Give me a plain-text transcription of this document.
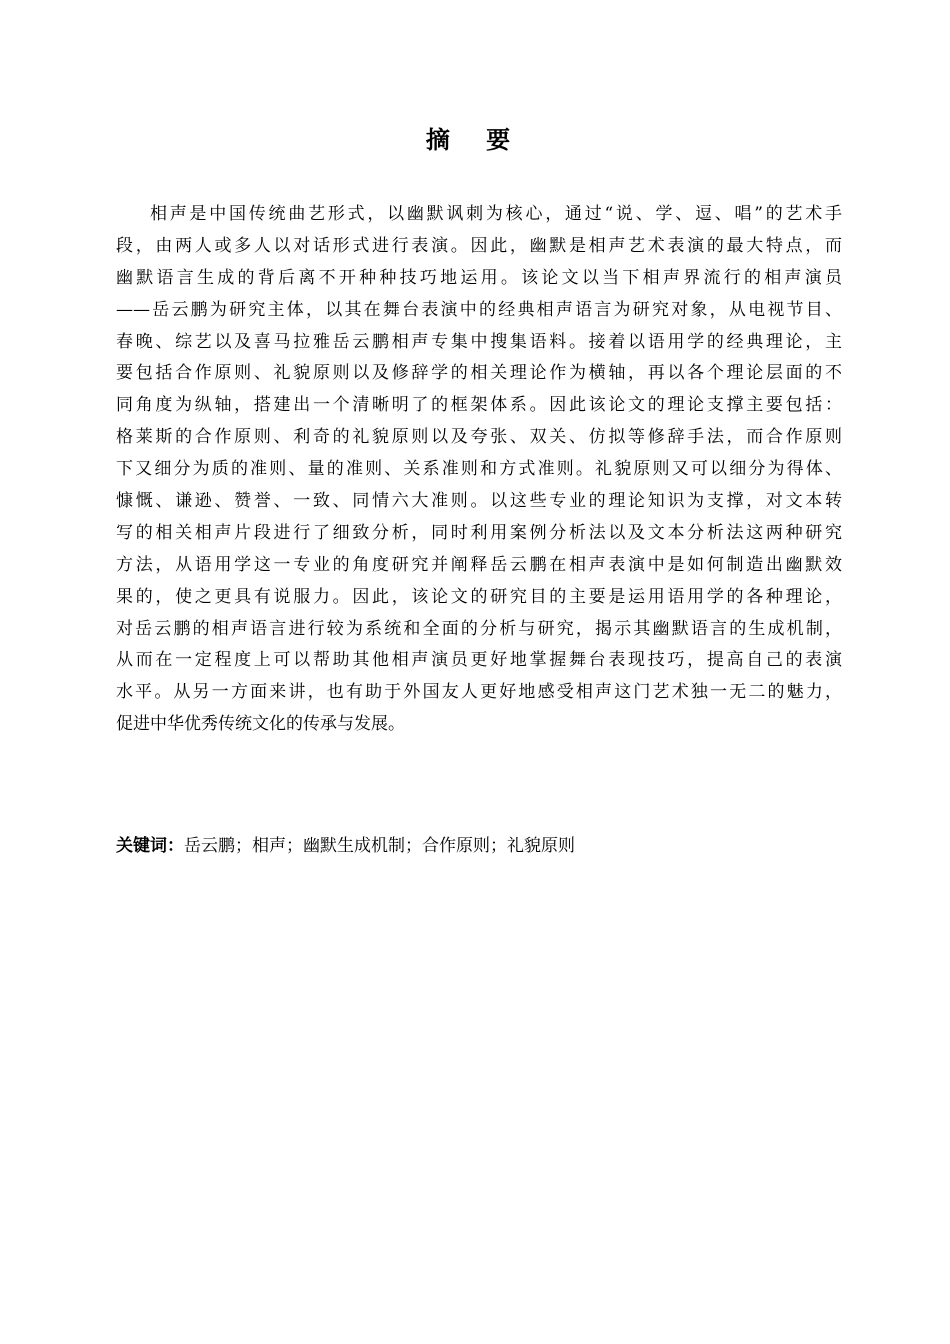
摘 要
相声是中国传统曲艺形式，以幽默讽刺为核心，通过“说、学、逗、唱”的艺术手
段，由两人或多人以对话形式进行表演。因此，幽默是相声艺术表演的最大特点，而
幽默语言生成的背后离不开种种技巧地运用。该论文以当下相声界流行的相声演员
——岳云鹏为研究主体，以其在舞台表演中的经典相声语言为研究对象，从电视节目、
春晚、综艺以及喜马拉雅岳云鹏相声专集中搜集语料。接着以语用学的经典理论，主
要包括合作原则、礼貌原则以及修辞学的相关理论作为横轴，再以各个理论层面的不
同角度为纵轴，搭建出一个清晰明了的框架体系。因此该论文的理论支撑主要包括：
格莱斯的合作原则、利奇的礼貌原则以及夸张、双关、仿拟等修辞手法，而合作原则
下又细分为质的准则、量的准则、关系准则和方式准则。礼貌原则又可以细分为得体、
慷慨、谦逊、赞誉、一致、同情六大准则。以这些专业的理论知识为支撑，对文本转
写的相关相声片段进行了细致分析，同时利用案例分析法以及文本分析法这两种研究
方法，从语用学这一专业的角度研究并阐释岳云鹏在相声表演中是如何制造出幽默效
果的，使之更具有说服力。因此，该论文的研究目的主要是运用语用学的各种理论，
对岳云鹏的相声语言进行较为系统和全面的分析与研究，揭示其幽默语言的生成机制，
从而在一定程度上可以帮助其他相声演员更好地掌握舞台表现技巧，提高自己的表演
水平。从另一方面来讲，也有助于外国友人更好地感受相声这门艺术独一无二的魅力，
促进中华优秀传统文化的传承与发展。

关键词：岳云鹏；相声；幽默生成机制；合作原则；礼貌原则
